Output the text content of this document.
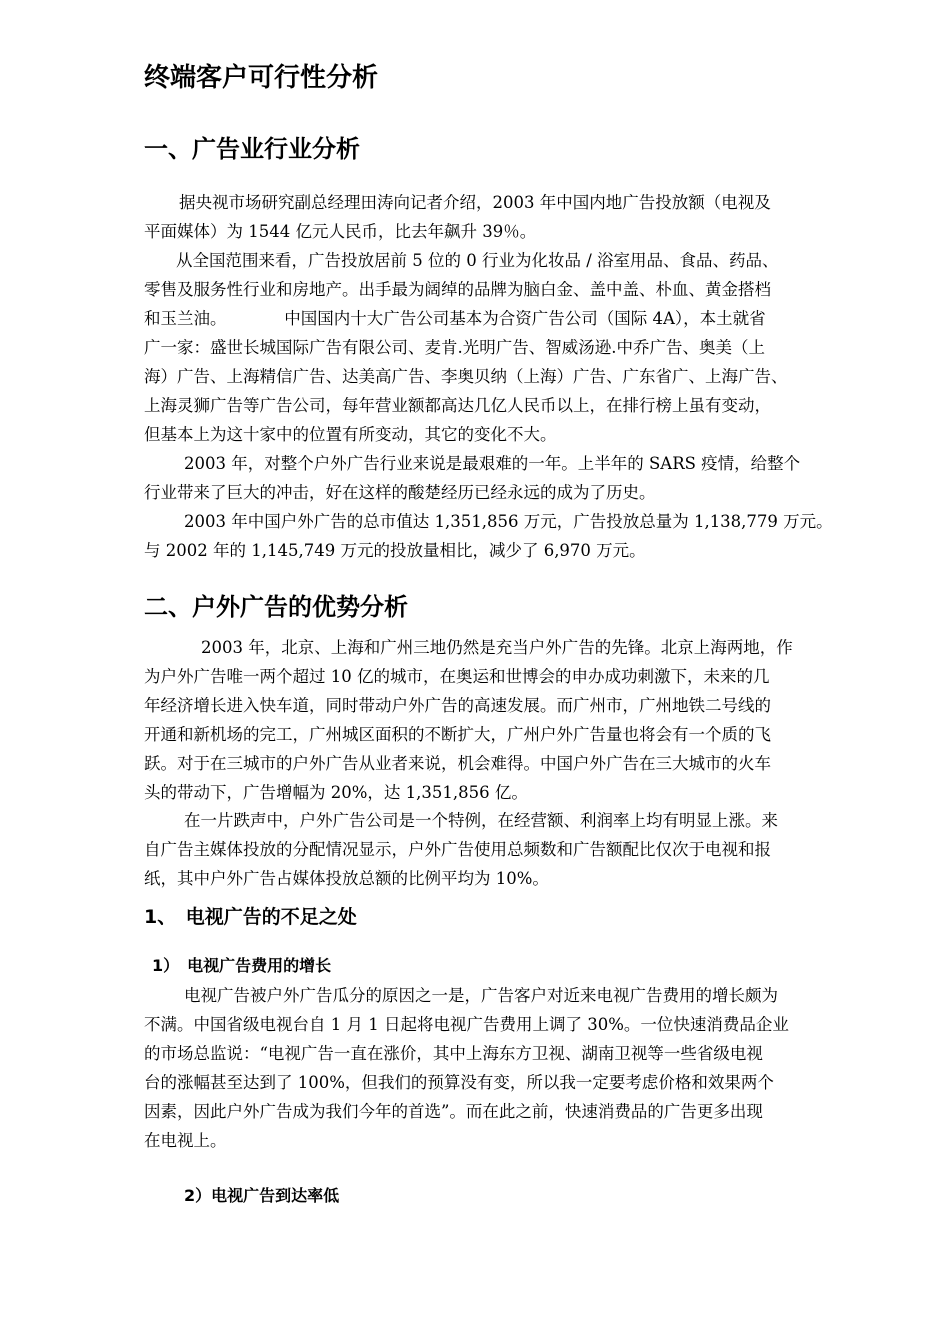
终端客户可行性分析
一、广告业行业分析
据央视市场研究副总经理田涛向记者介绍，2003 年中国内地广告投放额（电视及
平面媒体）为 1544 亿元人民币，比去年飙升 39％。
从全国范围来看，广告投放居前 5 位的 0 行业为化妆品 / 浴室用品、食品、药品、
零售及服务性行业和房地产。出手最为阔绰的品牌为脑白金、盖中盖、朴血、黄金搭档
和玉兰油。　　　　中国国内十大广告公司基本为合资广告公司（国际 4A），本土就省
广一家：盛世长城国际广告有限公司、麦肯.光明广告、智威汤逊.中乔广告、奥美（上
海）广告、上海精信广告、达美高广告、李奥贝纳（上海）广告、广东省广、上海广告、
上海灵狮广告等广告公司，每年营业额都高达几亿人民币以上，在排行榜上虽有变动，
但基本上为这十家中的位置有所变动，其它的变化不大。
2003 年，对整个户外广告行业来说是最艰难的一年。上半年的 SARS 疫情，给整个
行业带来了巨大的冲击，好在这样的酸楚经历已经永远的成为了历史。
2003 年中国户外广告的总市值达 1,351,856 万元，广告投放总量为 1,138,779 万元。
与 2002 年的 1,145,749 万元的投放量相比，减少了 6,970 万元。
二、户外广告的优势分析
2003 年，北京、上海和广州三地仍然是充当户外广告的先锋。北京上海两地，作
为户外广告唯一两个超过 10 亿的城市，在奥运和世博会的申办成功刺激下，未来的几
年经济增长进入快车道，同时带动户外广告的高速发展。而广州市，广州地铁二号线的
开通和新机场的完工，广州城区面积的不断扩大，广州户外广告量也将会有一个质的飞
跃。对于在三城市的户外广告从业者来说，机会难得。中国户外广告在三大城市的火车
头的带动下，广告增幅为 20%，达 1,351,856 亿。
在一片跌声中，户外广告公司是一个特例，在经营额、利润率上均有明显上涨。来
自广告主媒体投放的分配情况显示，户外广告使用总频数和广告额配比仅次于电视和报
纸，其中户外广告占媒体投放总额的比例平均为 10%。
1、　电视广告的不足之处
1）　电视广告费用的增长
电视广告被户外广告瓜分的原因之一是，广告客户对近来电视广告费用的增长颇为
不满。中国省级电视台自 1 月 1 日起将电视广告费用上调了 30%。一位快速消费品企业
的市场总监说：“电视广告一直在涨价，其中上海东方卫视、湖南卫视等一些省级电视
台的涨幅甚至达到了 100%，但我们的预算没有变，所以我一定要考虑价格和效果两个
因素，因此户外广告成为我们今年的首选”。而在此之前，快速消费品的广告更多出现
在电视上。
2）电视广告到达率低
